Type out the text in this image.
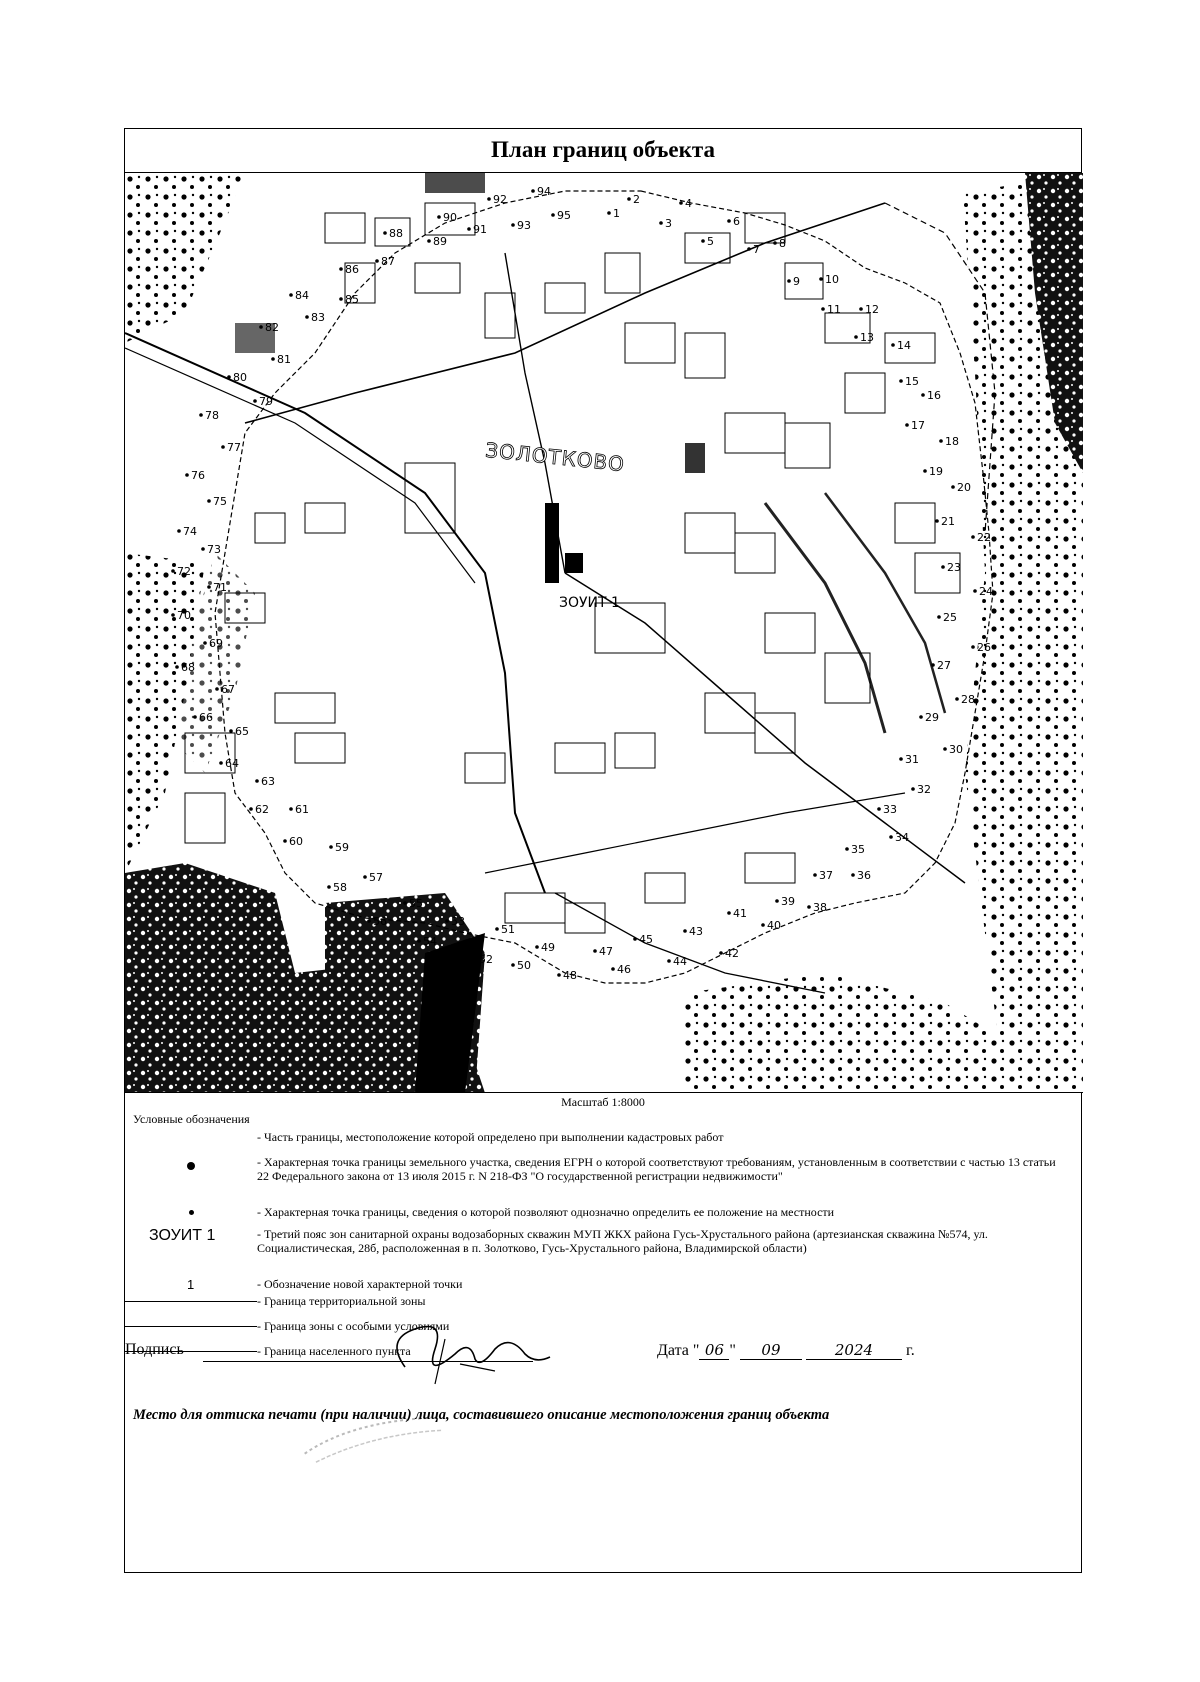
План границ объекта
ЗОЛОТКОВО
ЗОУИТ 1
1
2
3
4
5
6
7 8
9 10
11 12
13
14
15
16
17
18
19
20
21
22
23
24
25
26
27
28
29
30
31
32
33
34
35
36
37
38
39
40
41
42
43
44
45
46
47
48
49
50
51
52
53
54
55
56
57
58
59
60
61
62
63
64
65
66
67
68
69
70
71
72
73
74
75
76
77
78
79
80
81
82
83
84	85
86
87
88
89
90
91
92
93
94
95
Масштаб 1:8000
Условные обозначения
- Часть границы, местоположение которой определено при выполнении кадастровых работ
- Характерная точка границы земельного участка, сведения ЕГРН о которой соответствуют требованиям, установленным в соответствии с частью 13 статьи 22 Федерального закона от 13 июля 2015 г. N 218-ФЗ "О государственной регистрации недвижимости"
- Характерная точка границы, сведения о которой позволяют однозначно определить ее положение на местности
ЗОУИТ 1	- Третий пояс зон санитарной охраны водозаборных скважин МУП ЖКХ района Гусь-Хрустального района (артезианская скважина №574, ул. Социалистическая, 28б, расположенная в п. Золотково, Гусь-Хрустального района, Владимирской области)
1	- Обозначение новой характерной точки
- Граница территориальной зоны
- Граница зоны с особыми условиями
- Граница населенного пункта
Подпись	Дата " 06 " 09	2024 г.
Место для оттиска печати (при наличии) лица, составившего описание местоположения границ объекта
